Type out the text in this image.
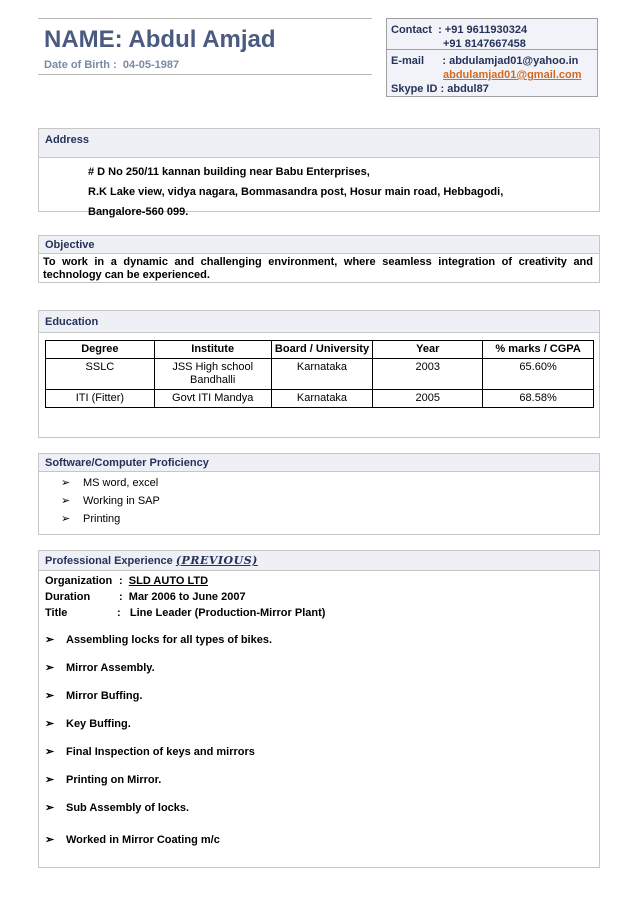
NAME: Abdul Amjad
Date of Birth : 04-05-1987
Contact  : +91 9611930324
+91 8147667458
E-mail      : abdulamjad01@yahoo.in
abdulamjad01@gmail.com
Skype ID : abdul87
Address
# D No 250/11 kannan building near Babu Enterprises,
R.K Lake view, vidya nagara, Bommasandra post, Hosur main road, Hebbagodi,
Bangalore-560 099.
Objective
To work in a dynamic and challenging environment, where seamless integration of creativity and technology can be experienced.
Education
Degree	Institute	Board / University	Year	% marks / CGPA
SSLC	JSS High school Bandhalli	Karnataka	2003	65.60%
ITI (Fitter)	Govt ITI Mandya	Karnataka	2005	68.58%
Software/Computer Proficiency
➢ MS word, excel
➢ Working in SAP
➢ Printing
Professional Experience (PREVIOUS)
Organization :  SLD AUTO LTD
Duration	:  Mar 2006 to June 2007
Title	:   Line Leader (Production-Mirror Plant)
➢ Assembling locks for all types of bikes.
➢ Mirror Assembly.
➢ Mirror Buffing.
➢ Key Buffing.
➢ Final Inspection of keys and mirrors
➢ Printing on Mirror.
➢ Sub Assembly of locks.
➢ Worked in Mirror Coating m/c
